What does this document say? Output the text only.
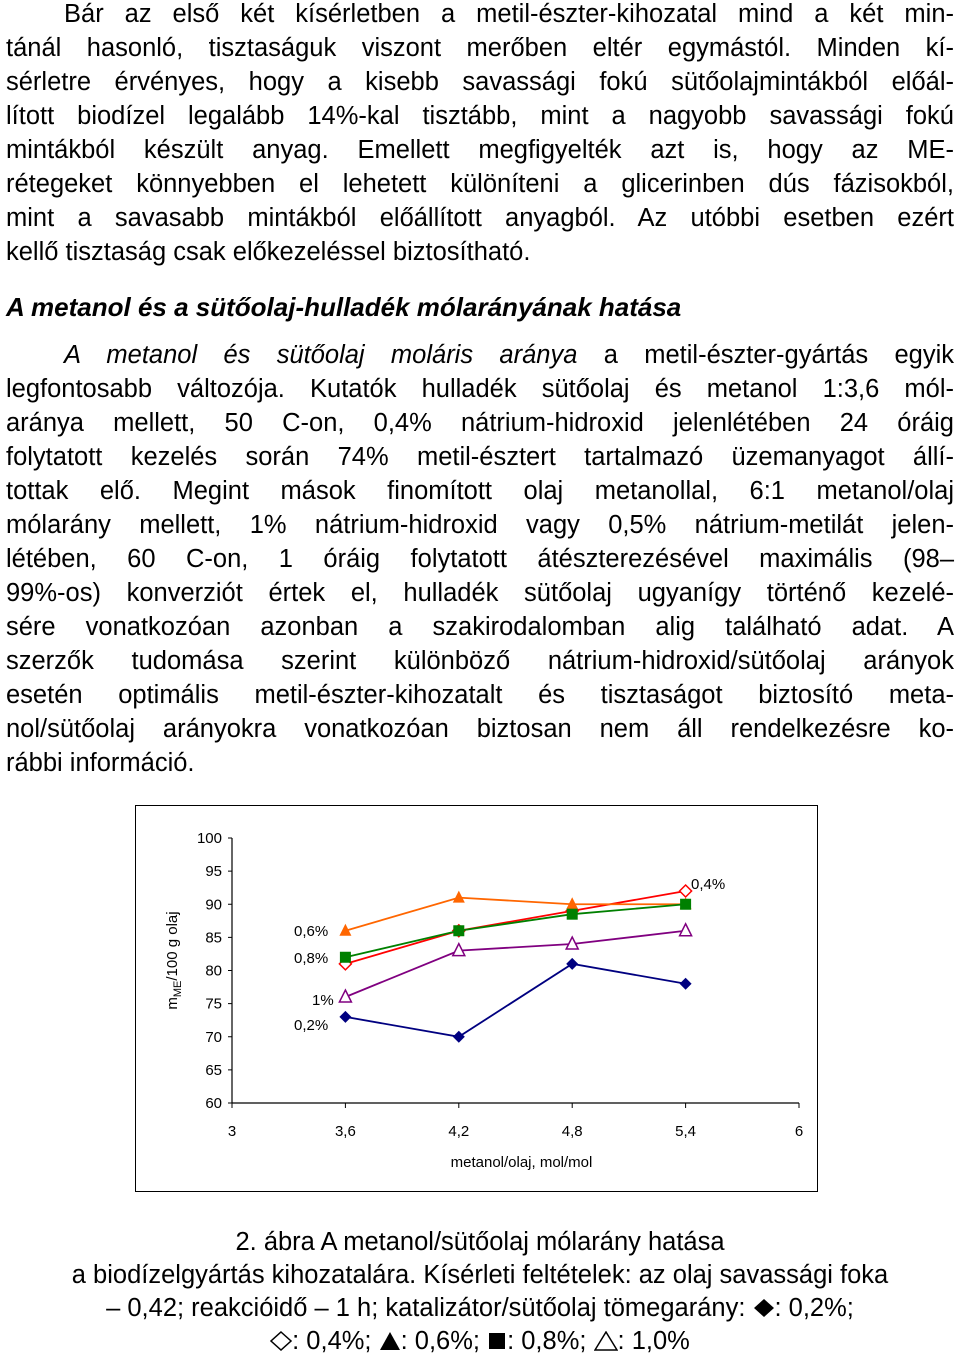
Bár az első két kísérletben a metil-észter-kihozatal mind a két min-
tánál hasonló, tisztaságuk viszont merőben eltér egymástól. Minden kí-
sérletre érvényes, hogy a kisebb savassági fokú sütőolajmintákból előál-
lított biodízel legalább 14%-kal tisztább, mint a nagyobb savassági fokú
mintákból készült anyag. Emellett megfigyelték azt is, hogy az ME-
rétegeket könnyebben el lehetett különíteni a glicerinben dús fázisokból,
mint a savasabb mintákból előállított anyagból. Az utóbbi esetben ezért
kellő tisztaság csak előkezeléssel biztosítható.
A metanol és a sütőolaj-hulladék mólarányának hatása
A metanol és sütőolaj moláris aránya a metil-észter-gyártás egyik
legfontosabb változója. Kutatók hulladék sütőolaj és metanol 1:3,6 mól-
aránya mellett, 50 C-on, 0,4% nátrium-hidroxid jelenlétében 24 óráig
folytatott kezelés során 74% metil-észtert tartalmazó üzemanyagot állí-
tottak elő. Megint mások finomított olaj metanollal, 6:1 metanol/olaj
mólarány mellett, 1% nátrium-hidroxid vagy 0,5% nátrium-metilát jelen-
létében, 60 C-on, 1 óráig folytatott átészterezésével maximális (98–
99%-os) konverziót értek el, hulladék sütőolaj ugyanígy történő kezelé-
sére vonatkozóan azonban a szakirodalomban alig található adat. A
szerzők tudomása szerint különböző nátrium-hidroxid/sütőolaj arányok
esetén optimális metil-észter-kihozatalt és tisztaságot biztosító meta-
nol/sütőolaj arányokra vonatkozóan biztosan nem áll rendelkezésre ko-
rábbi információ.
100
95
90
85
80
75
70
65
60
3	3,6	4,2	4,8	5,4	6
metanol/olaj, mol/mol
$m_{ME}/100$ g olaj
0,4%
0,6%
0,8%
1%
0,2%
2. ábra A metanol/sütőolaj mólarány hatása
a biodízelgyártás kihozatalára. Kísérleti feltételek: az olaj savassági foka
– 0,42; reakcióidő – 1 h; katalizátor/sütőolaj tömegarány: : 0,2%;
: 0,4%; : 0,6%; : 0,8%; : 1,0%
